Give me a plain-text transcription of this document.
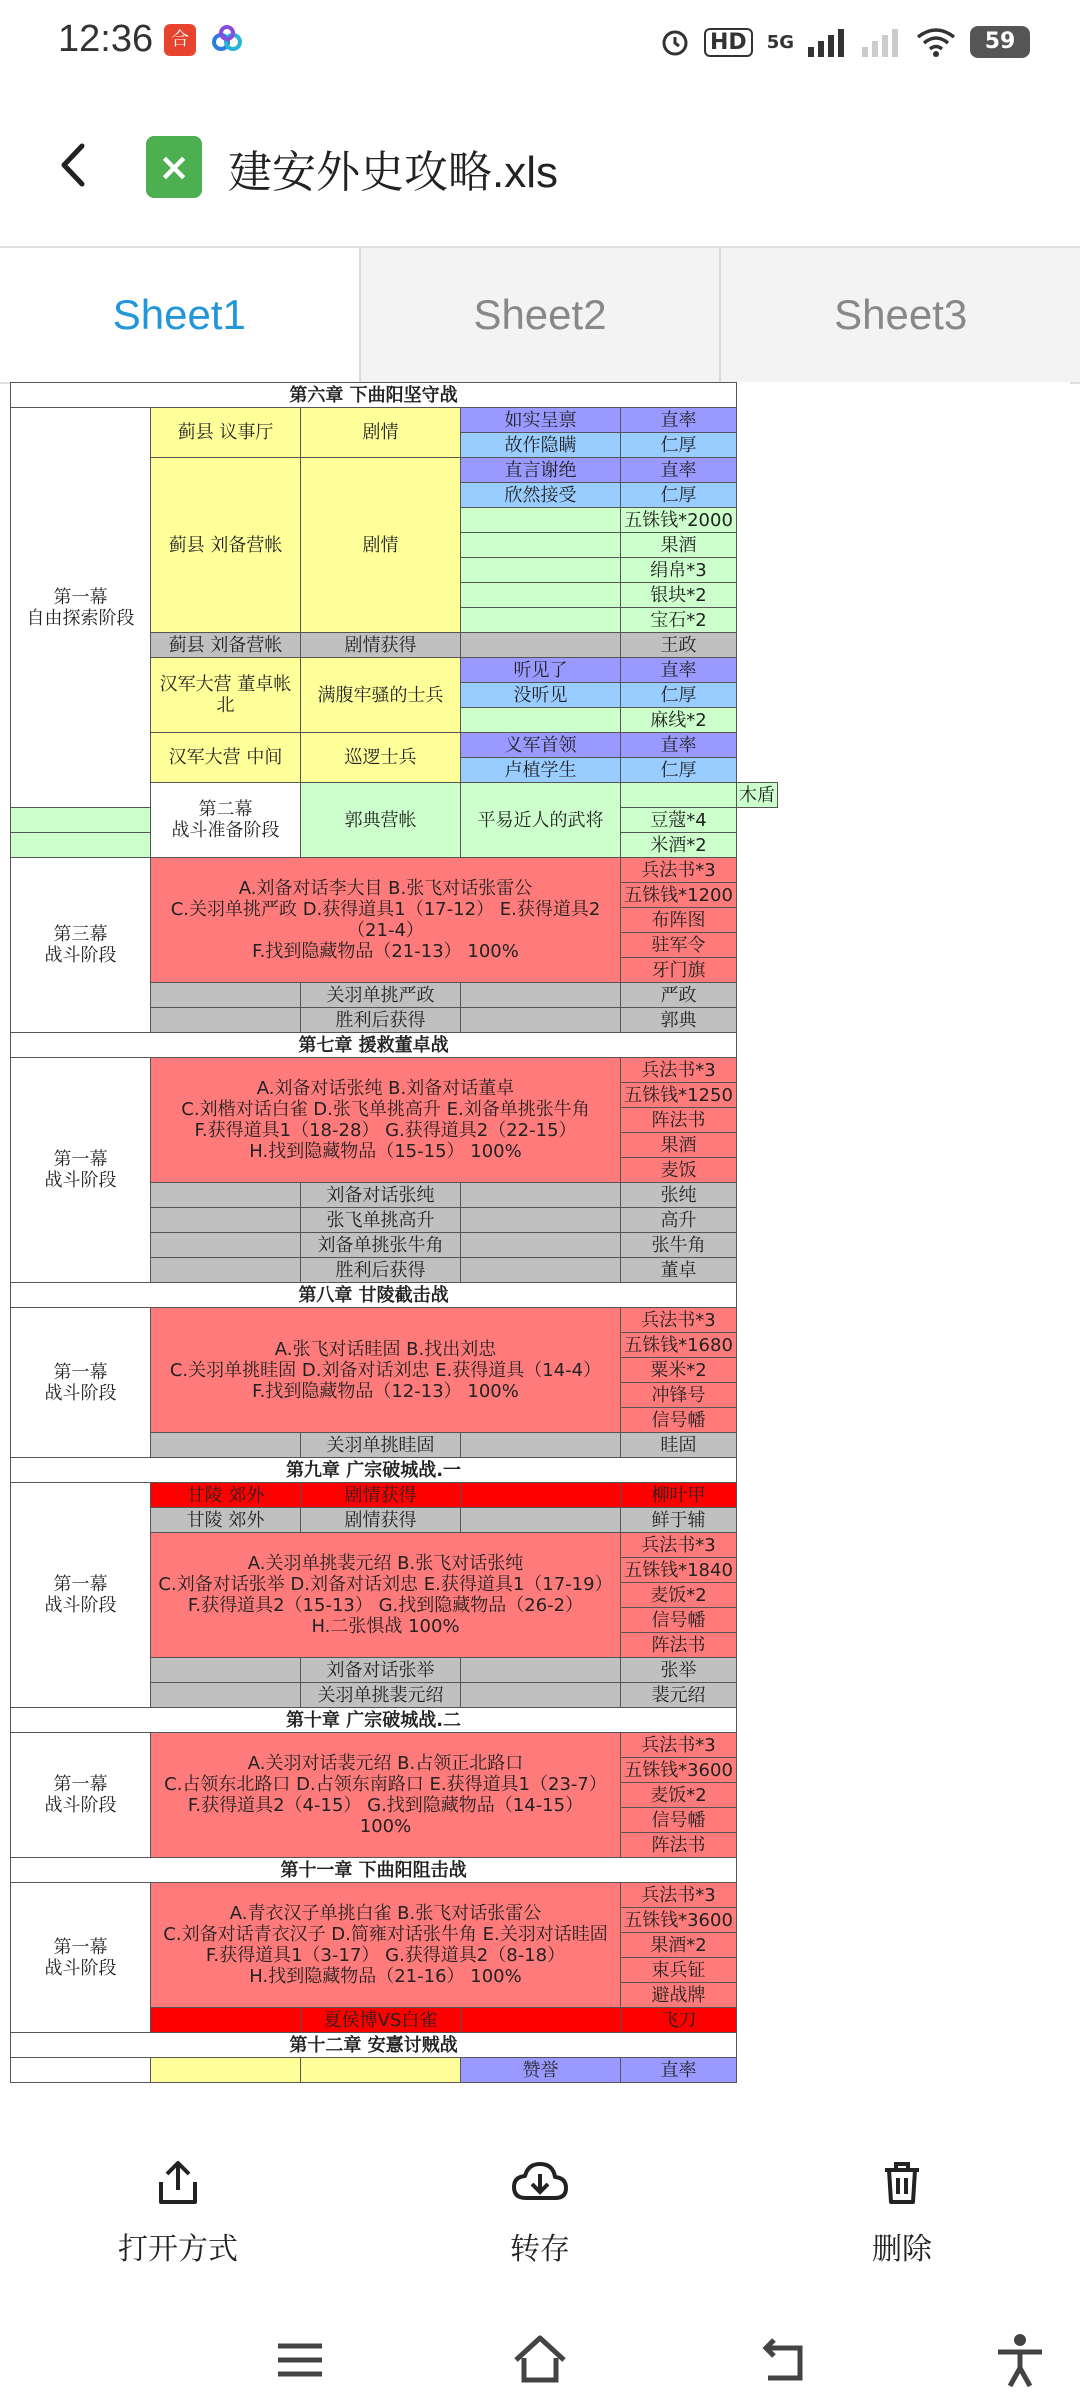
12:36 合	HD	5G	59
× 建安外史攻略.xls
Sheet1	Sheet2	Sheet3
第六章 下曲阳坚守战					
第一幕
自由探索阶段	蓟县 议事厅	剧情	如实呈禀	直率	
			故作隐瞒	仁厚	
	蓟县 刘备营帐	剧情	直言谢绝	直率	
			欣然接受	仁厚	
				五铢钱*2000	
				果酒	
				绢帛*3	
				银块*2	
				宝石*2	
	蓟县 刘备营帐	剧情获得		王政	
	汉军大营 董卓帐北	满腹牢骚的士兵	听见了	直率	
			没听见	仁厚	
				麻线*2	
	汉军大营 中间	巡逻士兵	义军首领	直率	
			卢植学生	仁厚	
	第二幕
战斗准备阶段	郭典营帐	平易近人的武将		木盾
				豆蔻*4	
				米酒*2	
第三幕
战斗阶段	A.刘备对话李大目 B.张飞对话张雷公
C.关羽单挑严政 D.获得道具1（17-12） E.获得道具2（21-4）
F.找到隐藏物品（21-13） 100%			兵法书*3	
				五铢钱*1200	
				布阵图	
				驻军令	
				牙门旗	
		关羽单挑严政		严政	
		胜利后获得		郭典	
第七章 援救董卓战					
第一幕
战斗阶段	A.刘备对话张纯 B.刘备对话董卓
C.刘楷对话白雀 D.张飞单挑高升 E.刘备单挑张牛角
F.获得道具1（18-28） G.获得道具2（22-15）
H.找到隐藏物品（15-15） 100%			兵法书*3	
				五铢钱*1250	
				阵法书	
				果酒	
				麦饭	
		刘备对话张纯		张纯	
		张飞单挑高升		高升	
		刘备单挑张牛角		张牛角	
		胜利后获得		董卓	
第八章 甘陵截击战					
第一幕
战斗阶段	A.张飞对话眭固 B.找出刘忠
C.关羽单挑眭固 D.刘备对话刘忠 E.获得道具（14-4）
F.找到隐藏物品（12-13） 100%			兵法书*3	
				五铢钱*1680	
				粟米*2	
				冲锋号	
				信号幡	
		关羽单挑眭固		眭固	
第九章 广宗破城战.一					
第一幕
战斗阶段	甘陵 郊外	剧情获得		柳叶甲	
	甘陵 郊外	剧情获得		鲜于辅	
	A.关羽单挑裴元绍 B.张飞对话张纯
C.刘备对话张举 D.刘备对话刘忠 E.获得道具1（17-19）
F.获得道具2（15-13） G.找到隐藏物品（26-2）
H.二张惧战 100%			兵法书*3	
				五铢钱*1840	
				麦饭*2	
				信号幡	
				阵法书	
		刘备对话张举		张举	
		关羽单挑裴元绍		裴元绍	
第十章 广宗破城战.二					
第一幕
战斗阶段	A.关羽对话裴元绍 B.占领正北路口
C.占领东北路口 D.占领东南路口 E.获得道具1（23-7）
F.获得道具2（4-15） G.找到隐藏物品（14-15）
100%			兵法书*3	
				五铢钱*3600	
				麦饭*2	
				信号幡	
				阵法书	
第十一章 下曲阳阻击战					
第一幕
战斗阶段	A.青衣汉子单挑白雀 B.张飞对话张雷公
C.刘备对话青衣汉子 D.简雍对话张牛角 E.关羽对话眭固
F.获得道具1（3-17） G.获得道具2（8-18）
H.找到隐藏物品（21-16） 100%			兵法书*3	
				五铢钱*3600	
				果酒*2	
				束兵钲	
				避战牌	
		夏侯博VS白雀		飞刀	
第十二章 安憙讨贼战					
			赞誉	直率	
打开方式	转存	删除
